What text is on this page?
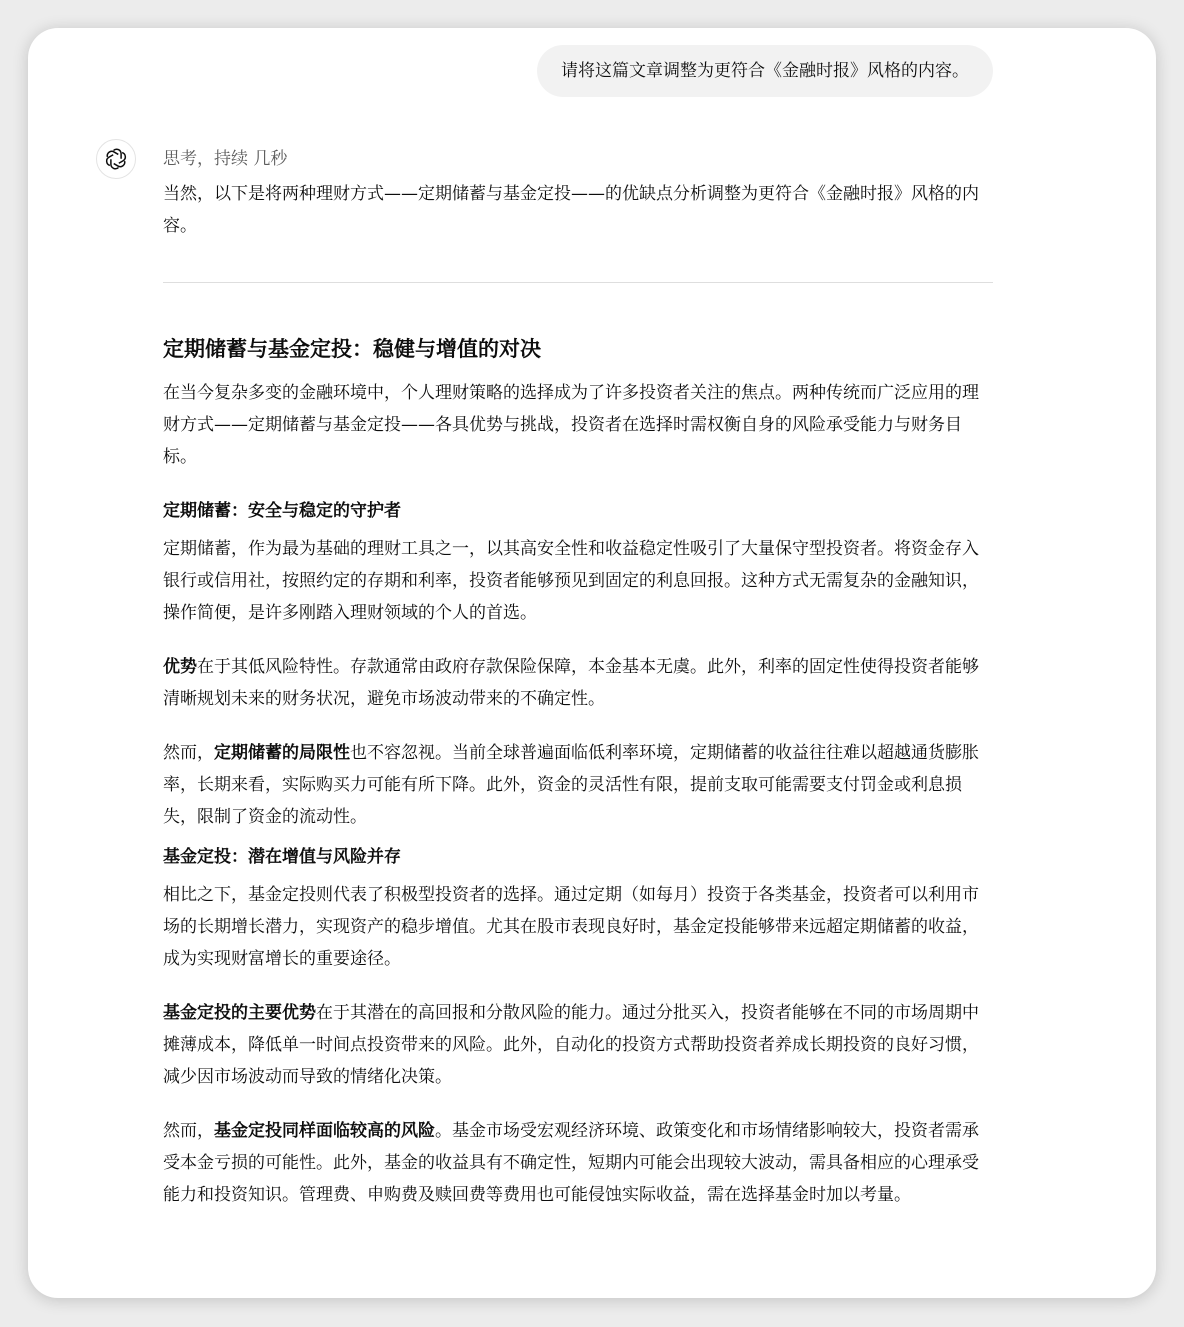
请将这篇文章调整为更符合《金融时报》风格的内容。
思考，持续 几秒

当然，以下是将两种理财方式——定期储蓄与基金定投——的优缺点分析调整为更符合《金融时报》风格的内容。

定期储蓄与基金定投：稳健与增值的对决

在当今复杂多变的金融环境中，个人理财策略的选择成为了许多投资者关注的焦点。两种传统而广泛应用的理财方式——定期储蓄与基金定投——各具优势与挑战，投资者在选择时需权衡自身的风险承受能力与财务目标。

定期储蓄：安全与稳定的守护者

定期储蓄，作为最为基础的理财工具之一，以其高安全性和收益稳定性吸引了大量保守型投资者。将资金存入银行或信用社，按照约定的存期和利率，投资者能够预见到固定的利息回报。这种方式无需复杂的金融知识，操作简便，是许多刚踏入理财领域的个人的首选。

优势在于其低风险特性。存款通常由政府存款保险保障，本金基本无虞。此外，利率的固定性使得投资者能够清晰规划未来的财务状况，避免市场波动带来的不确定性。

然而，定期储蓄的局限性也不容忽视。当前全球普遍面临低利率环境，定期储蓄的收益往往难以超越通货膨胀率，长期来看，实际购买力可能有所下降。此外，资金的灵活性有限，提前支取可能需要支付罚金或利息损失，限制了资金的流动性。

基金定投：潜在增值与风险并存

相比之下，基金定投则代表了积极型投资者的选择。通过定期（如每月）投资于各类基金，投资者可以利用市场的长期增长潜力，实现资产的稳步增值。尤其在股市表现良好时，基金定投能够带来远超定期储蓄的收益，成为实现财富增长的重要途径。

基金定投的主要优势在于其潜在的高回报和分散风险的能力。通过分批买入，投资者能够在不同的市场周期中摊薄成本，降低单一时间点投资带来的风险。此外，自动化的投资方式帮助投资者养成长期投资的良好习惯，减少因市场波动而导致的情绪化决策。

然而，基金定投同样面临较高的风险。基金市场受宏观经济环境、政策变化和市场情绪影响较大，投资者需承受本金亏损的可能性。此外，基金的收益具有不确定性，短期内可能会出现较大波动，需具备相应的心理承受能力和投资知识。管理费、申购费及赎回费等费用也可能侵蚀实际收益，需在选择基金时加以考量。
